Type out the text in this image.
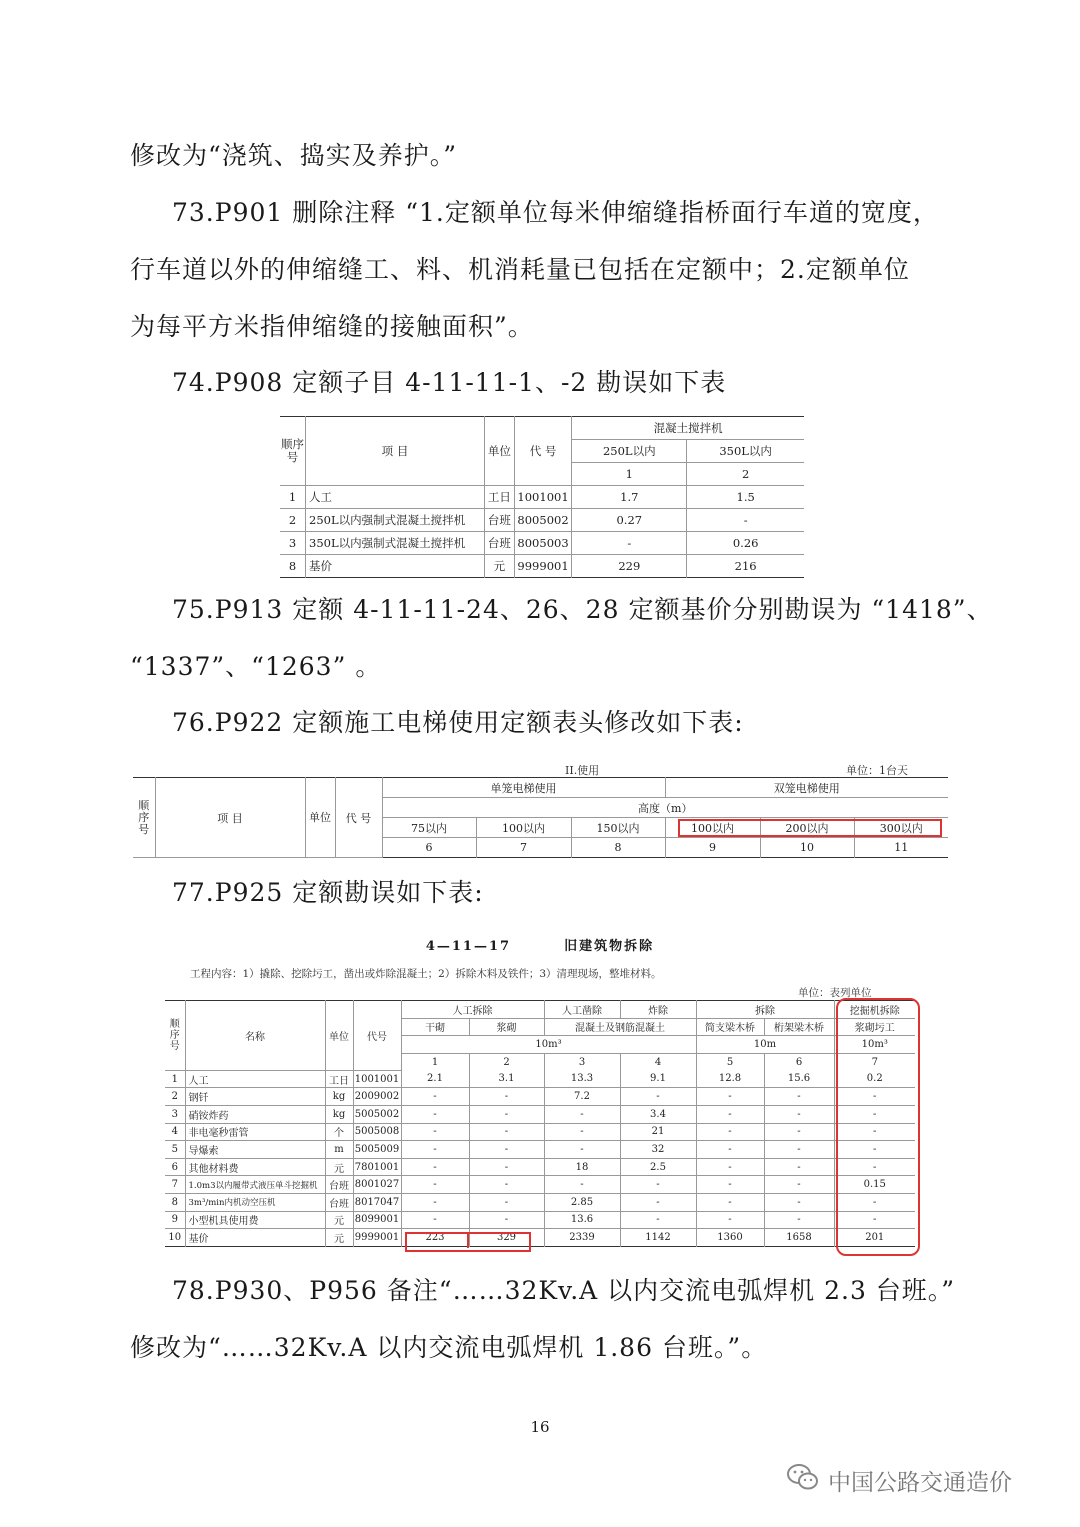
修改为“浇筑、捣实及养护。”
73.P901 删除注释 “1.定额单位每米伸缩缝指桥面行车道的宽度，
行车道以外的伸缩缝工、料、机消耗量已包括在定额中；2.定额单位
为每平方米指伸缩缝的接触面积”。
74.P908 定额子目 4-11-11-1、-2 勘误如下表
顺序号	项 目	单位	代 号	混凝土搅拌机	
				250L以内	350L以内
				1	2
1	人工	工日	1001001	1.7	1.5
2	250L以内强制式混凝土搅拌机	台班	8005002	0.27	-
3	350L以内强制式混凝土搅拌机	台班	8005003	-	0.26
8	基价	元	9999001	229	216
75.P913 定额 4-11-11-24、26、28 定额基价分别勘误为 “1418”、
“1337”、“1263” 。
76.P922 定额施工电梯使用定额表头修改如下表:
II.使用	单位：1台天
顺序号	项 目	单位	代 号	单笼电梯使用			双笼电梯使用		
				高度（m）					
				75以内	100以内	150以内	100以内	200以内	300以内
				6	7	8	9	10	11
77.P925 定额勘误如下表:
4—11—17	旧建筑物拆除
工程内容：1）撬除、挖除圬工，凿出或炸除混凝土；2）拆除木料及铁件；3）清理现场，整堆材料。
单位：表列单位
顺序号	名称	单位	代号	人工拆除		人工凿除	炸除	拆除		挖掘机拆除
				干砌	浆砌	混凝土及钢筋混凝土		简支梁木桥	桁架梁木桥	浆砌圬工
				10m³				10m		10m³
				1	2	3	4	5	6	7
1	人工	工日	1001001	2.1	3.1	13.3	9.1	12.8	15.6	0.2
2	钢钎	kg	2009002	-	-	7.2	-	-	-	-
3	硝铵炸药	kg	5005002	-	-	-	3.4	-	-	-
4	非电毫秒雷管	个	5005008	-	-	-	21	-	-	-
5	导爆索	m	5005009	-	-	-	32	-	-	-
6	其他材料费	元	7801001	-	-	18	2.5	-	-	-
7	1.0m3以内履带式液压单斗挖掘机	台班	8001027	-	-	-	-	-	-	0.15
8	3m³/min内机动空压机	台班	8017047	-	-	2.85	-	-	-	-
9	小型机具使用费	元	8099001	-	-	13.6	-	-	-	-
10	基价	元	9999001	223	329	2339	1142	1360	1658	201
78.P930、P956 备注“……32Kv.A 以内交流电弧焊机 2.3 台班。”
修改为“……32Kv.A 以内交流电弧焊机 1.86 台班。”。
16
中国公路交通造价
